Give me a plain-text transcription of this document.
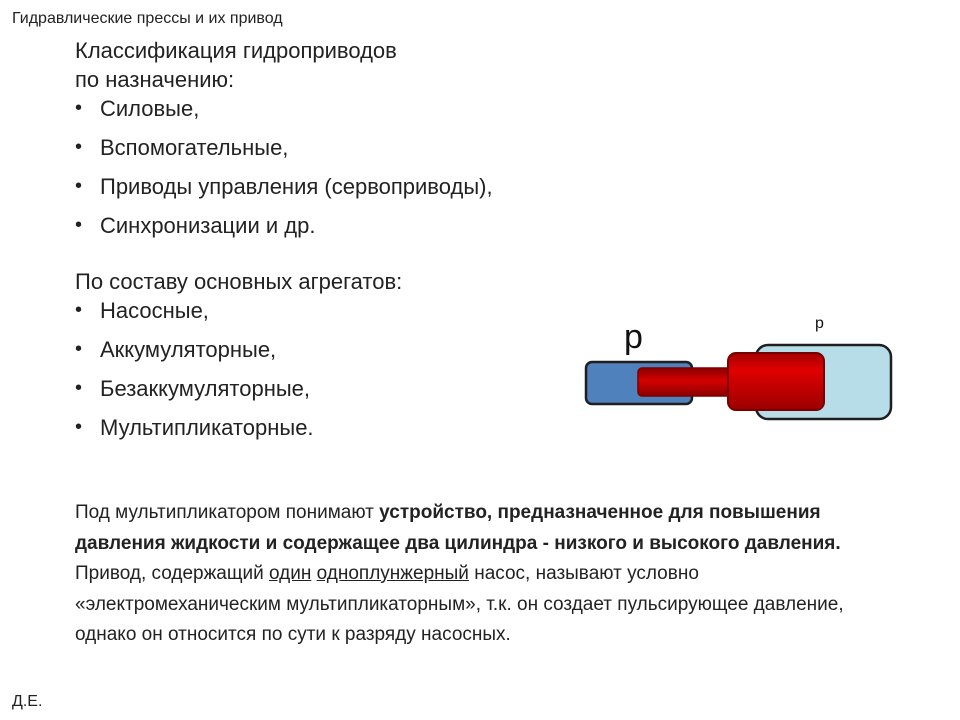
Гидравлические прессы и их привод

Классификация гидроприводов

по назначению:

• Силовые,
• Вспомогательные,
• Приводы управления (сервоприводы),
• Синхронизации и др.

По составу основных агрегатов:

• Насосные,
• Аккумуляторные,
• Безаккумуляторные,
• Мультипликаторные.
p	p
Под мультипликатором понимают устройство, предназначенное для повышения давления жидкости и содержащее два цилиндра - низкого и высокого давления. Привод, содержащий один одноплунжерный насос, называют условно «электромеханическим мультипликаторным», т.к. он создает пульсирующее давление, однако он относится по сути к разряду насосных.
Д.Е.
